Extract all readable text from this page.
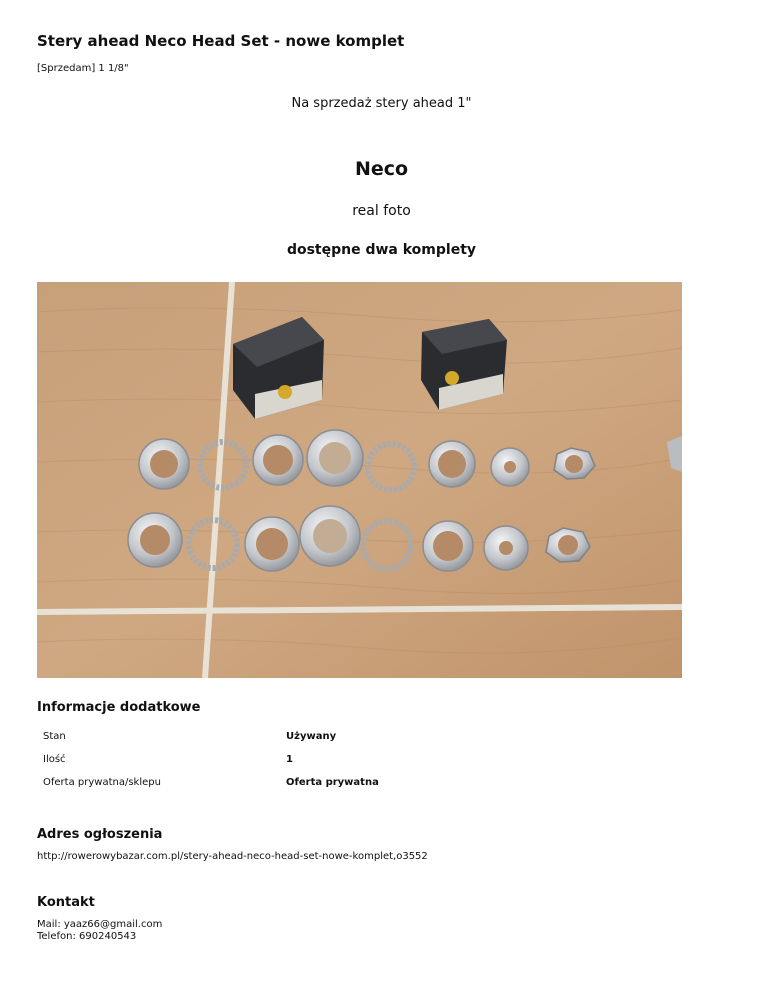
Stery ahead Neco Head Set - nowe komplet
[Sprzedam] 1 1/8"
Na sprzedaż stery ahead 1"
Neco
real foto
dostępne dwa komplety
Informacje dodatkowe
Stan	Używany
Ilość	1
Oferta prywatna/sklepu	Oferta prywatna
Adres ogłoszenia
http://rowerowybazar.com.pl/stery-ahead-neco-head-set-nowe-komplet,o3552
Kontakt
Mail: yaaz66@gmail.com
Telefon: 690240543
